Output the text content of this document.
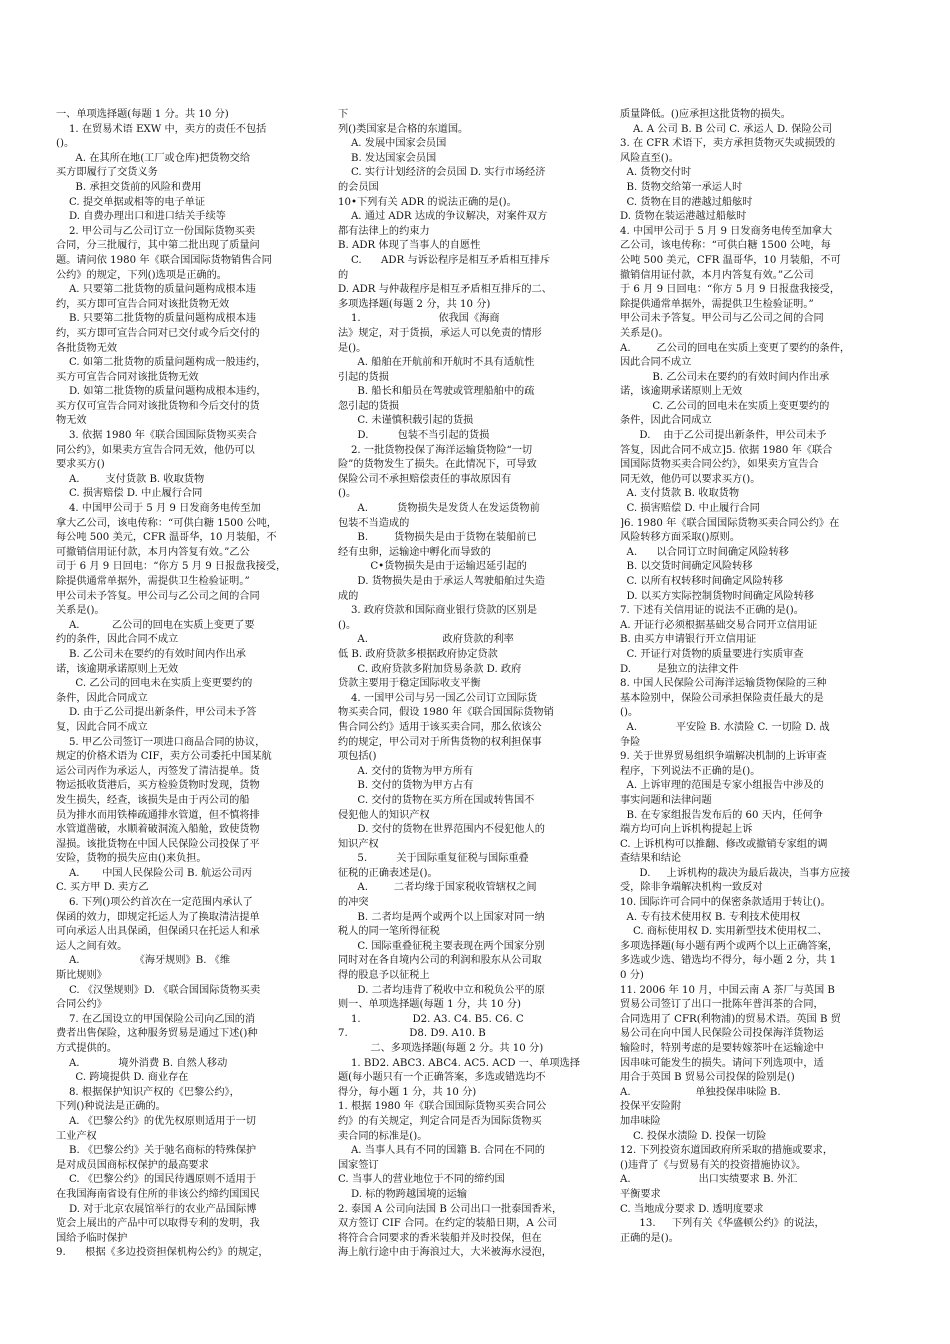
一、单项选择题(每题 1 分。共 10 分)
1. 在贸易术语 EXW 中，卖方的责任不包括
()。
A. 在其所在地(工厂或仓库)把货物交给
买方即履行了交货义务
B. 承担交货前的风险和费用
C. 提交单据或相等的电子单证
D. 自费办理出口和进口结关手续等
2. 甲公司与乙公司订立一份国际货物买卖
合同，分三批履行，其中第二批出现了质量问
题。请问依 1980 年《联合国国际货物销售合同
公约》的规定，下列()选项是正确的。
A. 只要第二批货物的质量问题构成根本违
约，买方即可宣告合同对该批货物无效
B. 只要第二批货物的质量问题构成根本违
约，买方即可宣告合同对已交付或今后交付的
各批货物无效
C. 如第二批货物的质量问题构成一般违约，
买方可宣告合同对该批货物无效
D. 如第二批货物的质量问题构成根本违约，
买方仅可宣告合同对该批货物和今后交付的货
物无效
3. 依据 1980 年《联合国国际货物买卖合
同公约》，如果卖方宣告合同无效，他仍可以
要求买方()
A.        支付货款 B. 收取货物
C. 损害赔偿 D. 中止履行合同
4. 中国甲公司于 5 月 9 日发商务电传至加
拿大乙公司，该电传称：“可供白糖 1500 公吨，
每公吨 500 美元，CFR 温哥华，10 月装船，不
可撤销信用证付款，本月内答复有效。”乙公
司于 6 月 9 日回电：“你方 5 月 9 日报盘我接受，
除提供通常单据外，需提供卫生检验证明。”
甲公司未予答复。甲公司与乙公司之间的合同
关系是()。
A.          乙公司的回电在实质上变更了要
约的条件，因此合同不成立
B. 乙公司未在要约的有效时间内作出承
诺，该逾期承诺原则上无效
C. 乙公司的回电未在实质上变更要约的
条件，因此合同成立
D. 由于乙公司提出新条件，甲公司未予答
复，因此合同不成立
5. 甲乙公司签订一项进口商品合同的协议，
规定的价格术语为 CIF，卖方公司委托中国某航
运公司丙作为承运人，丙签发了清洁提单。货
物运抵收货港后，买方检验货物时发现，货物
发生损失，经查，该损失是由于丙公司的船
员为排水而用铁棒疏通排水管道，但不慎将排
水管道凿破，水顺着破洞流入船舱，致使货物
湿损。该批货物在中国人民保险公司投保了平
安险，货物的损失应由()来负担。
A.       中国人民保险公司 B. 航运公司丙
C. 买方甲 D. 卖方乙
6. 下列()项公约首次在一定范围内承认了
保函的效力，即规定托运人为了换取清洁提单
可向承运人出具保函，但保函只在托运人和承
运人之间有效。
A.                 《海牙规则》B. 《维
斯比规则》
C. 《汉堡规则》D. 《联合国国际货物买卖
合同公约》
7. 在乙国设立的甲国保险公司向乙国的消
费者出售保险，这种服务贸易是通过下述()种
方式提供的。
A.            境外消费 B. 自然人移动
C. 跨境提供 D. 商业存在
8. 根据保护知识产权的《巴黎公约》，
下列()种说法是正确的。
A. 《巴黎公约》的优先权原则适用于一切
工业产权
B. 《巴黎公约》关于驰名商标的特殊保护
是对成员国商标权保护的最高要求
C. 《巴黎公约》的国民待遇原则不适用于
在我国海南省设有住所的非该公约缔约国国民
D. 对于北京农展馆举行的农业产品国际博
览会上展出的产品中可以取得专利的发明，我
国给予临时保护
9.      根据《多边投资担保机构公约》的规定，
下
列()类国家是合格的东道国。
A. 发展中国家会员国
B. 发达国家会员国
C. 实行计划经济的会员国 D. 实行市场经济
的会员国
10•下列有关 ADR 的说法正确的是()。
A. 通过 ADR 达成的争议解决，对案件双方
都有法律上的约束力
B. ADR 体现了当事人的自愿性
C.      ADR 与诉讼程序是相互矛盾相互排斥
的
D. ADR 与仲裁程序是相互矛盾相互排斥的二、
多项选择题(每题 2 分，共 10 分)
1.                        依我国《海商
法》规定，对于货损，承运人可以免责的情形
是()。
A. 船舶在开航前和开航时不具有适航性
引起的货损
B. 船长和船员在驾驶或管理船舶中的疏
忽引起的货损
C. 未谨慎积载引起的货损
D.         包装不当引起的货损
2. 一批货物投保了海洋运输货物险“一切
险”的货物发生了损失。在此情况下，可导致
保险公司不承担赔偿责任的事故原因有
()。
A.         货物损失是发货人在发运货物前
包装不当造成的
B.        货物损失是由于货物在装船前已
经有虫卵，运输途中孵化而导致的
C•货物损失是由于运输迟延引起的
D. 货物损失是由于承运人驾驶船舶过失造
成的
3. 政府贷款和国际商业银行贷款的区别是
()。
A.                       政府贷款的利率
低 B. 政府贷款多根据政府协定贷款
C. 政府贷款多附加贷易条款 D. 政府
贷款主要用于稳定国际收支平衡
4. 一国甲公司与另一国乙公司订立国际货
物买卖合同，假设 1980 年《联合国国际货物销
售合同公约》适用于该买卖合同，那么依该公
约的规定，甲公司对于所售货物的权利担保事
项包括()
A. 交付的货物为甲方所有
B. 交付的货物为甲方占有
C. 交付的货物在买方所在国或转售国不
侵犯他人的知识产权
D. 交付的货物在世界范围内不侵犯他人的
知识产权
5.         关于国际重复征税与国际重叠
征税的正确表述是()。
A.        二者均缘于国家税收管辖权之间
的冲突
B. 二者均是两个或两个以上国家对同一纳
税人的同一笔所得征税
C. 国际重叠征税主要表现在两个国家分别
同时对在各自境内公司的利润和股东从公司取
得的股息予以征税上
D. 二者均违背了税收中立和税负公平的原
则一、单项选择题(每题 1 分，共 10 分)
1.                D2. A3. C4. B5. C6. C
7.                   D8. D9. A10. B
二、多项选择题(每题 2 分。共 10 分)
1. BD2. ABC3. ABC4. AC5. ACD 一、单项选择
题(每小题只有一个正确答案，多选或错选均不
得分，每小题 1 分，共 10 分)
1. 根据 1980 年《联合国国际货物买卖合同公
约》的有关规定，判定合同是否为国际货物买
卖合同的标准是()。
A. 当事人具有不同的国籍 B. 合同在不同的
国家签订
C. 当事人的营业地位于不同的缔约国
D. 标的物跨越国境的运输
2. 泰国 A 公司向法国 B 公司出口一批泰国香米，
双方签订 CIF 合同。在约定的装船日期，A 公司
将符合合同要求的香米装船并及时投保，但在
海上航行途中由于海浪过大，大米被海水浸泡，
质量降低。()应承担这批货物的损失。
A. A 公司 B. B 公司 C. 承运人 D. 保险公司
3. 在 CFR 术语下，卖方承担货物灭失或损毁的
风险直至()。
A. 货物交付时
B. 货物交给第一承运人时
C. 货物在目的港越过船舷时
D. 货物在装运港越过船舷时
4. 中国甲公司于 5 月 9 日发商务电传至加拿大
乙公司，该电传称：“可供白糖 1500 公吨，每
公吨 500 美元，CFR 温哥华，10 月装船，不可
撤销信用证付款，本月内答复有效。”乙公司
于 6 月 9 日回电：“你方 5 月 9 日报盘我接受，
除提供通常单据外，需提供卫生检验证明。”
甲公司未予答复。甲公司与乙公司之间的合同
关系是()。
A.        乙公司的回电在实质上变更了要约的条件，
因此合同不成立
B. 乙公司未在要约的有效时间内作出承
诺，该逾期承诺原则上无效
C. 乙公司的回电未在实质上变更要约的
条件，因此合同成立
D.    由于乙公司提出新条件，甲公司未予
答复，因此合同不成立]5. 依据 1980 年《联合
国国际货物买卖合同公约》，如果卖方宣告合
同无效，他仍可以要求买方()。
A. 支付货款 B. 收取货物
C. 损害赔偿 D. 中止履行合同
]6. 1980 年《联合国国际货物买卖合同公约》在
风险转移方面采取()原则。
A.      以合同订立时间确定风险转移
B. 以交货时间确定风险转移
C. 以所有权转移时间确定风险转移
D. 以买方实际控制货物时间确定风险转移
7. 下述有关信用证的说法不正确的是()。
A. 开证行必须根据基础交易合同开立信用证
B. 由买方申请银行开立信用证
C. 开证行对货物的质量要进行实质审查
D.        是独立的法律文件
8. 中国人民保险公司海洋运输货物保险的三种
基本险别中，保险公司承担保险责任最大的是
()。
A.            平安险 B. 水渍险 C. 一切险 D. 战
争险
9. 关于世界贸易组织争端解决机制的上诉审查
程序，下列说法不正确的是()。
A. 上诉审理的范围是专家小组报告中涉及的
事实问题和法律问题
B. 在专家组报告发布后的 60 天内，任何争
端方均可向上诉机构提起上诉
C. 上诉机构可以推翻、修改或撤销专家组的调
查结果和结论
D.     上诉机构的裁决为最后裁决，当事方应接
受，除非争端解决机构一致反对
10. 国际许可合同中的保密条款适用于转让()。
A. 专有技术使用权 B. 专利技术使用权
C. 商标使用权 D. 实用新型技术使用权二、
多项选择题(每小题有两个或两个以上正确答案，
多选或少选、错选均不得分，每小题 2 分，共 1
0 分)
11. 2006 年 10 月，中国云南 A 茶厂与英国 B
贸易公司签订了出口一批陈年普洱茶的合同，
合同选用了 CFR(利物浦)的贸易术语。英国 B 贸
易公司在向中国人民保险公司投保海洋货物运
输险时，特别考虑的是要转嫁茶叶在运输途中
因串味可能发生的损失。请问下列选项中，适
用合于英国 B 贸易公司投保的险别是()
A.                    单独投保串味险 B.
投保平安险附
加串味险
C. 投保水渍险 D. 投保一切险
12. 下列投资东道国政府所采取的措施或要求，
()违背了《与贸易有关的投资措施协议》。
A.                     出口实绩要求 B. 外汇
平衡要求
C. 当地成分要求 D. 透明度要求
13.     下列有关《华盛顿公约》的说法，
正确的是()。
